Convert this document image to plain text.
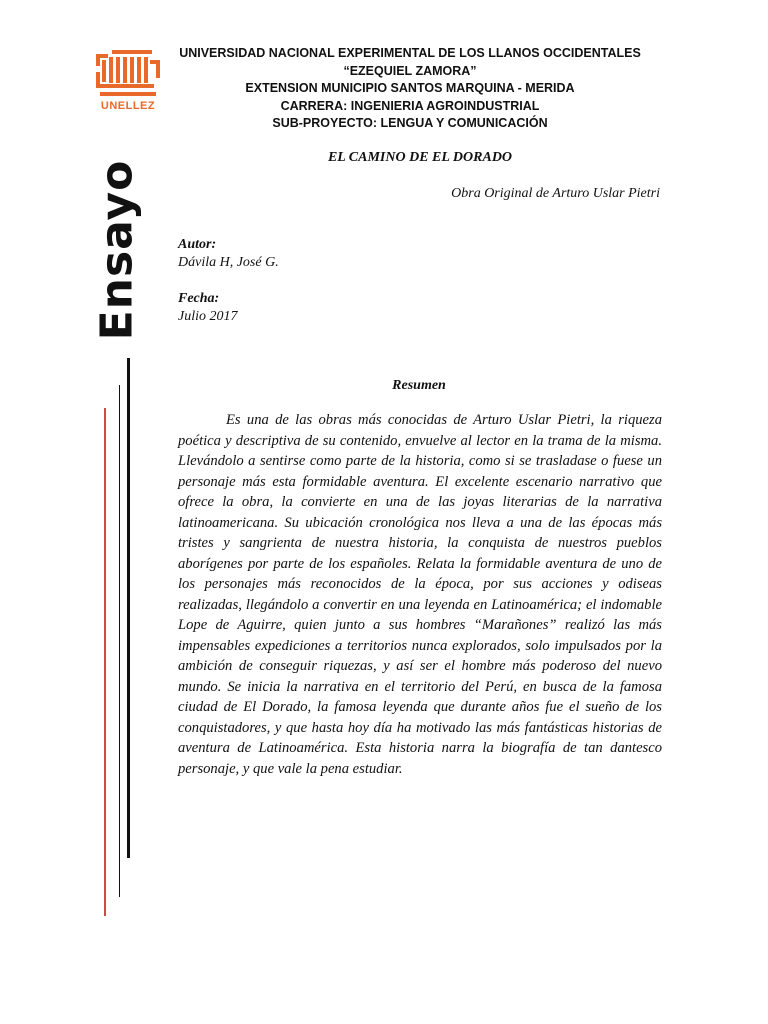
UNELLEZ
UNIVERSIDAD NACIONAL EXPERIMENTAL DE LOS LLANOS OCCIDENTALES
“EZEQUIEL ZAMORA”
EXTENSION MUNICIPIO SANTOS MARQUINA - MERIDA
CARRERA: INGENIERIA AGROINDUSTRIAL
SUB-PROYECTO: LENGUA Y COMUNICACIÓN
Ensayo
EL CAMINO DE EL DORADO
Obra Original de Arturo Uslar Pietri
Autor:
Dávila H, José G.
Fecha:
Julio 2017
Resumen

Es una de las obras más conocidas de Arturo Uslar Pietri, la riqueza poética y descriptiva de su contenido, envuelve al lector en la trama de la misma. Llevándolo a sentirse como parte de la historia, como si se trasladase o fuese un personaje más esta formidable aventura. El excelente escenario narrativo que ofrece la obra, la convierte en una de las joyas literarias de la narrativa latinoamericana. Su ubicación cronológica nos lleva a una de las épocas más tristes y sangrienta de nuestra historia, la conquista de nuestros pueblos aborígenes por parte de los españoles. Relata la formidable aventura de uno de los personajes más reconocidos de la época, por sus acciones y odiseas realizadas, llegándolo a convertir en una leyenda en Latinoamérica; el indomable Lope de Aguirre, quien junto a sus hombres “Marañones” realizó las más impensables expediciones a territorios nunca explorados, solo impulsados por la ambición de conseguir riquezas, y así ser el hombre más poderoso del nuevo mundo. Se inicia la narrativa en el territorio del Perú, en busca de la famosa ciudad de El Dorado, la famosa leyenda que durante años fue el sueño de los conquistadores, y que hasta hoy día ha motivado las más fantásticas historias de aventura de Latinoamérica. Esta historia narra la biografía de tan dantesco personaje, y que vale la pena estudiar.
